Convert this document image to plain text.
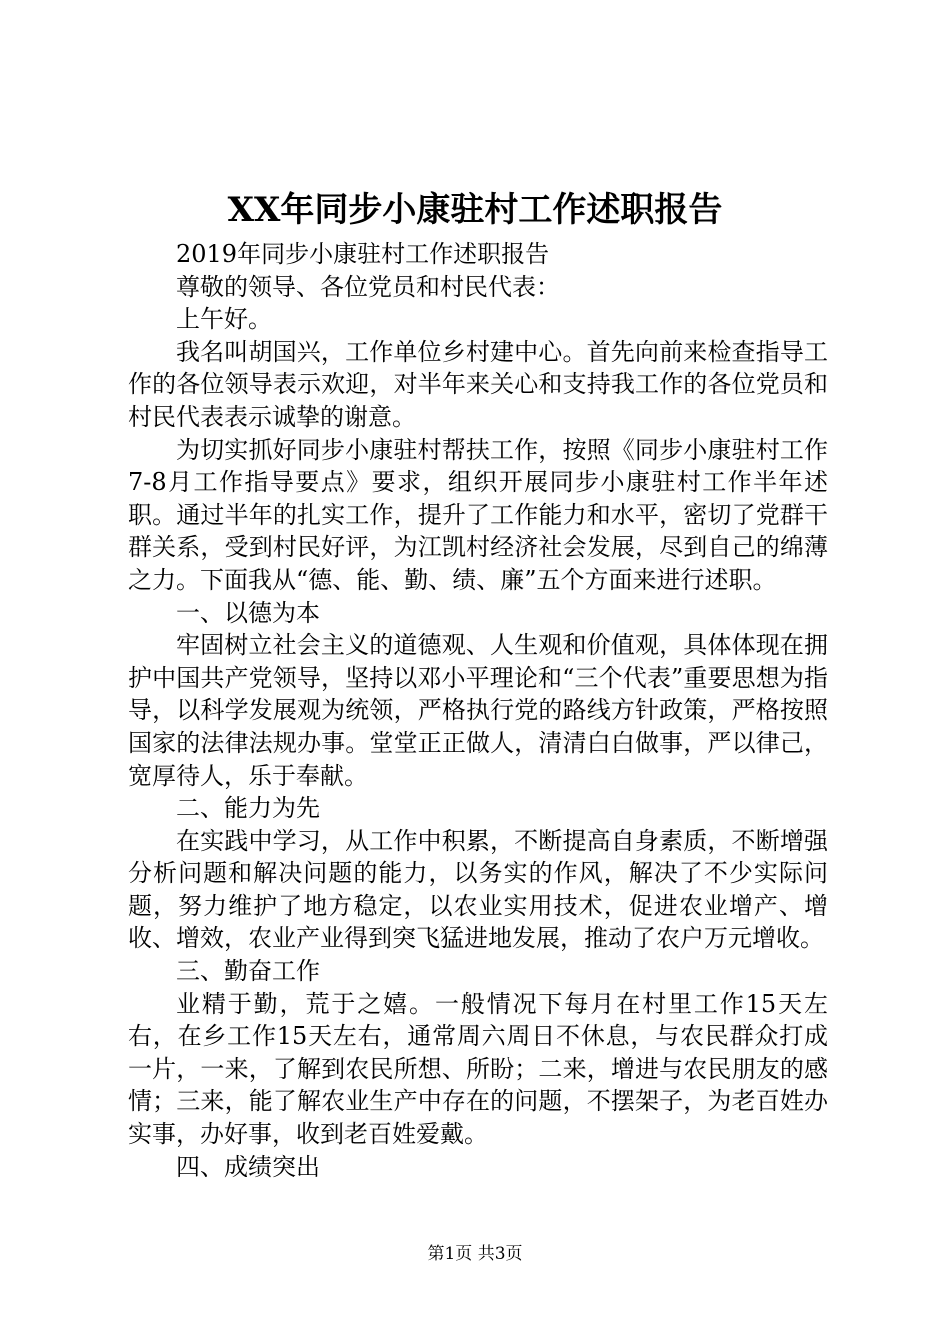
XX年同步小康驻村工作述职报告

2019年同步小康驻村工作述职报告

尊敬的领导、各位党员和村民代表：

上午好。

我名叫胡国兴，工作单位乡村建中心。首先向前来检查指导工作的各位领导表示欢迎，对半年来关心和支持我工作的各位党员和村民代表表示诚挚的谢意。

为切实抓好同步小康驻村帮扶工作，按照《同步小康驻村工作7-8月工作指导要点》要求，组织开展同步小康驻村工作半年述职。通过半年的扎实工作，提升了工作能力和水平，密切了党群干群关系，受到村民好评，为江凯村经济社会发展，尽到自己的绵薄之力。下面我从“德、能、勤、绩、廉”五个方面来进行述职。

一、以德为本

牢固树立社会主义的道德观、人生观和价值观，具体体现在拥护中国共产党领导，坚持以邓小平理论和“三个代表”重要思想为指导，以科学发展观为统领，严格执行党的路线方针政策，严格按照国家的法律法规办事。堂堂正正做人，清清白白做事，严以律己，宽厚待人，乐于奉献。

二、能力为先

在实践中学习，从工作中积累，不断提高自身素质，不断增强分析问题和解决问题的能力，以务实的作风，解决了不少实际问题，努力维护了地方稳定，以农业实用技术，促进农业增产、增收、增效，农业产业得到突飞猛进地发展，推动了农户万元增收。

三、勤奋工作

业精于勤，荒于之嬉。一般情况下每月在村里工作15天左右，在乡工作15天左右，通常周六周日不休息，与农民群众打成一片，一来，了解到农民所想、所盼；二来，增进与农民朋友的感情；三来，能了解农业生产中存在的问题，不摆架子，为老百姓办实事，办好事，收到老百姓爱戴。

四、成绩突出

第1页 共3页
